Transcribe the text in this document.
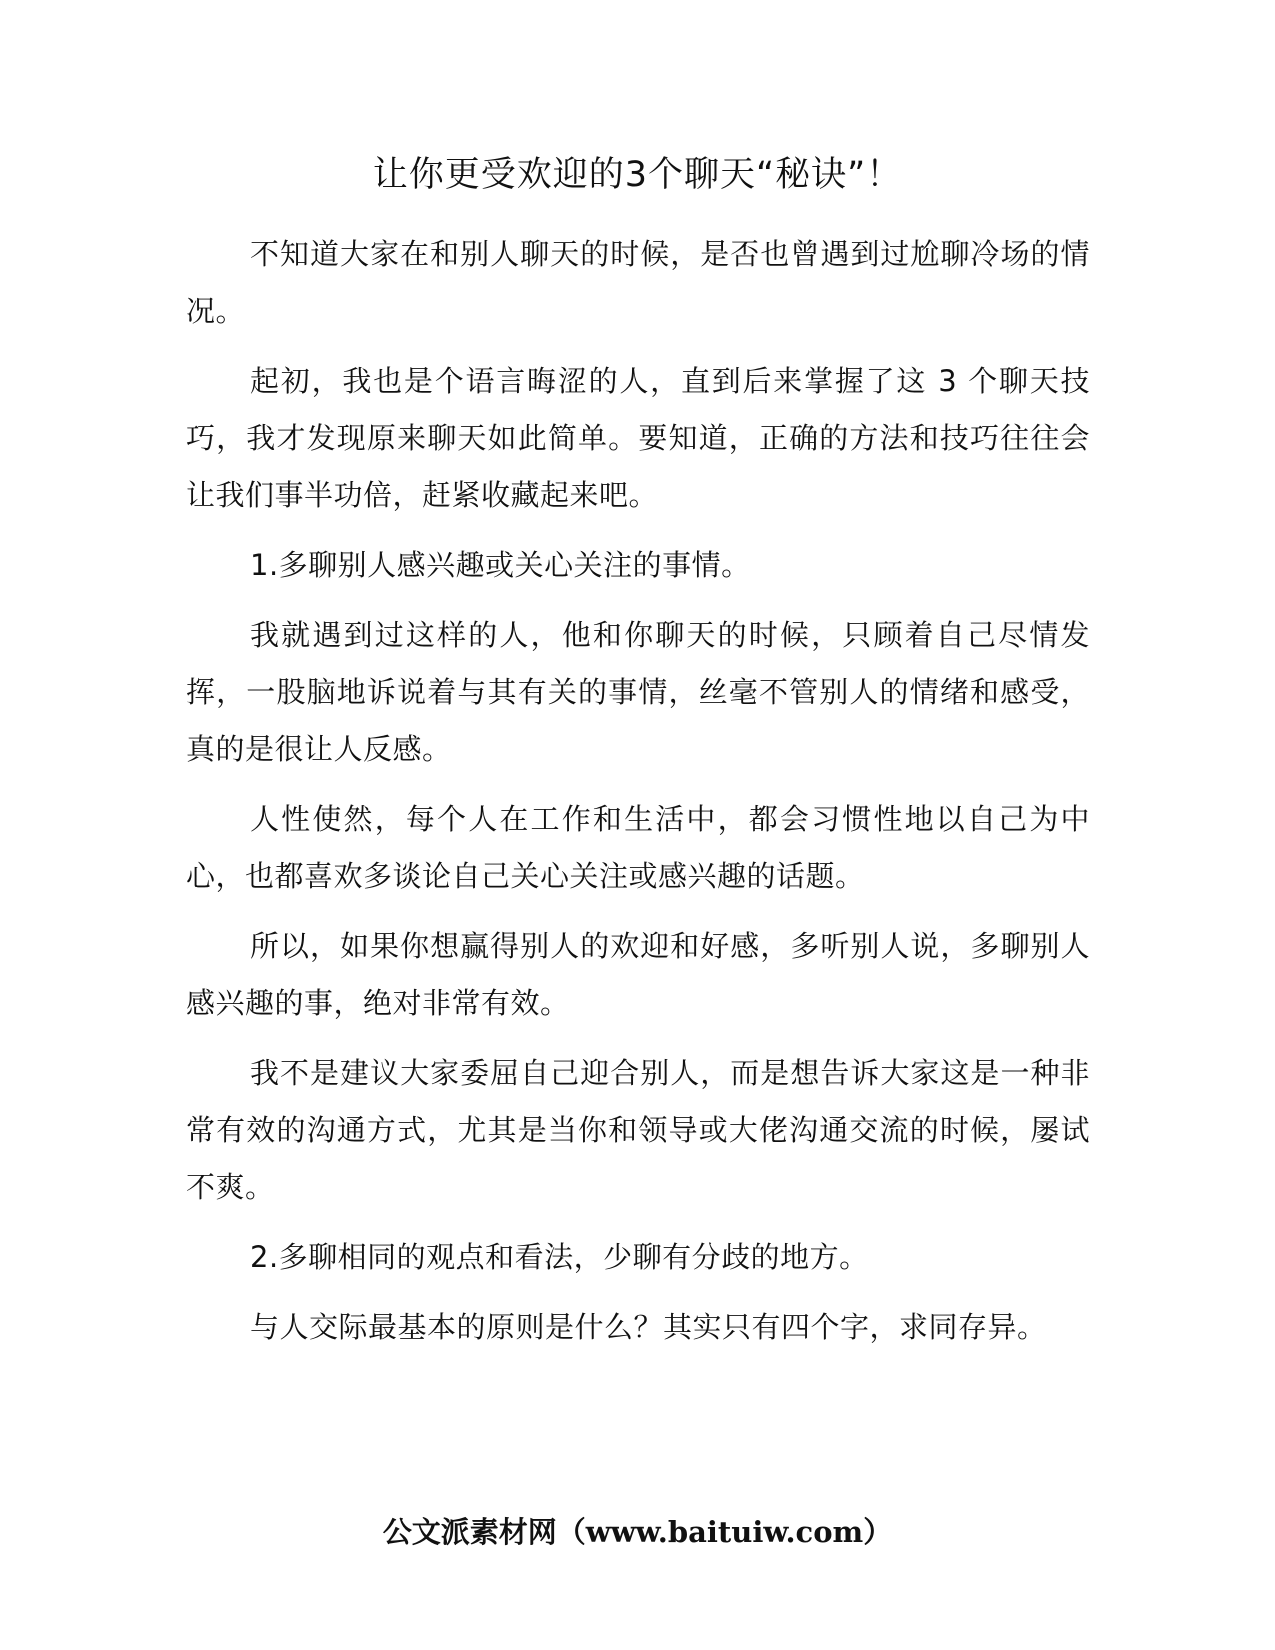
让你更受欢迎的3个聊天“秘诀”！

不知道大家在和别人聊天的时候，是否也曾遇到过尬聊冷场的情况。

起初，我也是个语言晦涩的人，直到后来掌握了这 3 个聊天技巧，我才发现原来聊天如此简单。要知道，正确的方法和技巧往往会让我们事半功倍，赶紧收藏起来吧。

1.多聊别人感兴趣或关心关注的事情。

我就遇到过这样的人，他和你聊天的时候，只顾着自己尽情发挥，一股脑地诉说着与其有关的事情，丝毫不管别人的情绪和感受，真的是很让人反感。

人性使然，每个人在工作和生活中，都会习惯性地以自己为中心，也都喜欢多谈论自己关心关注或感兴趣的话题。

所以，如果你想赢得别人的欢迎和好感，多听别人说，多聊别人感兴趣的事，绝对非常有效。

我不是建议大家委屈自己迎合别人，而是想告诉大家这是一种非常有效的沟通方式，尤其是当你和领导或大佬沟通交流的时候，屡试不爽。

2.多聊相同的观点和看法，少聊有分歧的地方。

与人交际最基本的原则是什么？其实只有四个字，求同存异。

公文派素材网（www.baituiw.com）
